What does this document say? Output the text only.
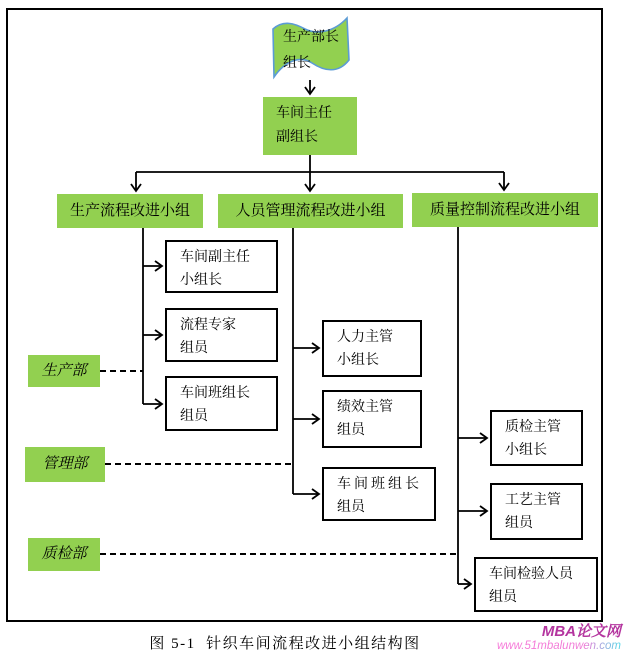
生产部长
组长
车间主任
副组长
生产流程改进小组	人员管理流程改进小组	质量控制流程改进小组
车间副主任
小组长
流程专家
组员
车间班组长
组员
人力主管
小组长
绩效主管
组员
车间班组长
组员
质检主管
小组长
工艺主管
组员
车间检验人员
组员
生产部
管理部
质检部
图 5-1  针织车间流程改进小组结构图
MBA论文网
www.51mbalunwen.com
